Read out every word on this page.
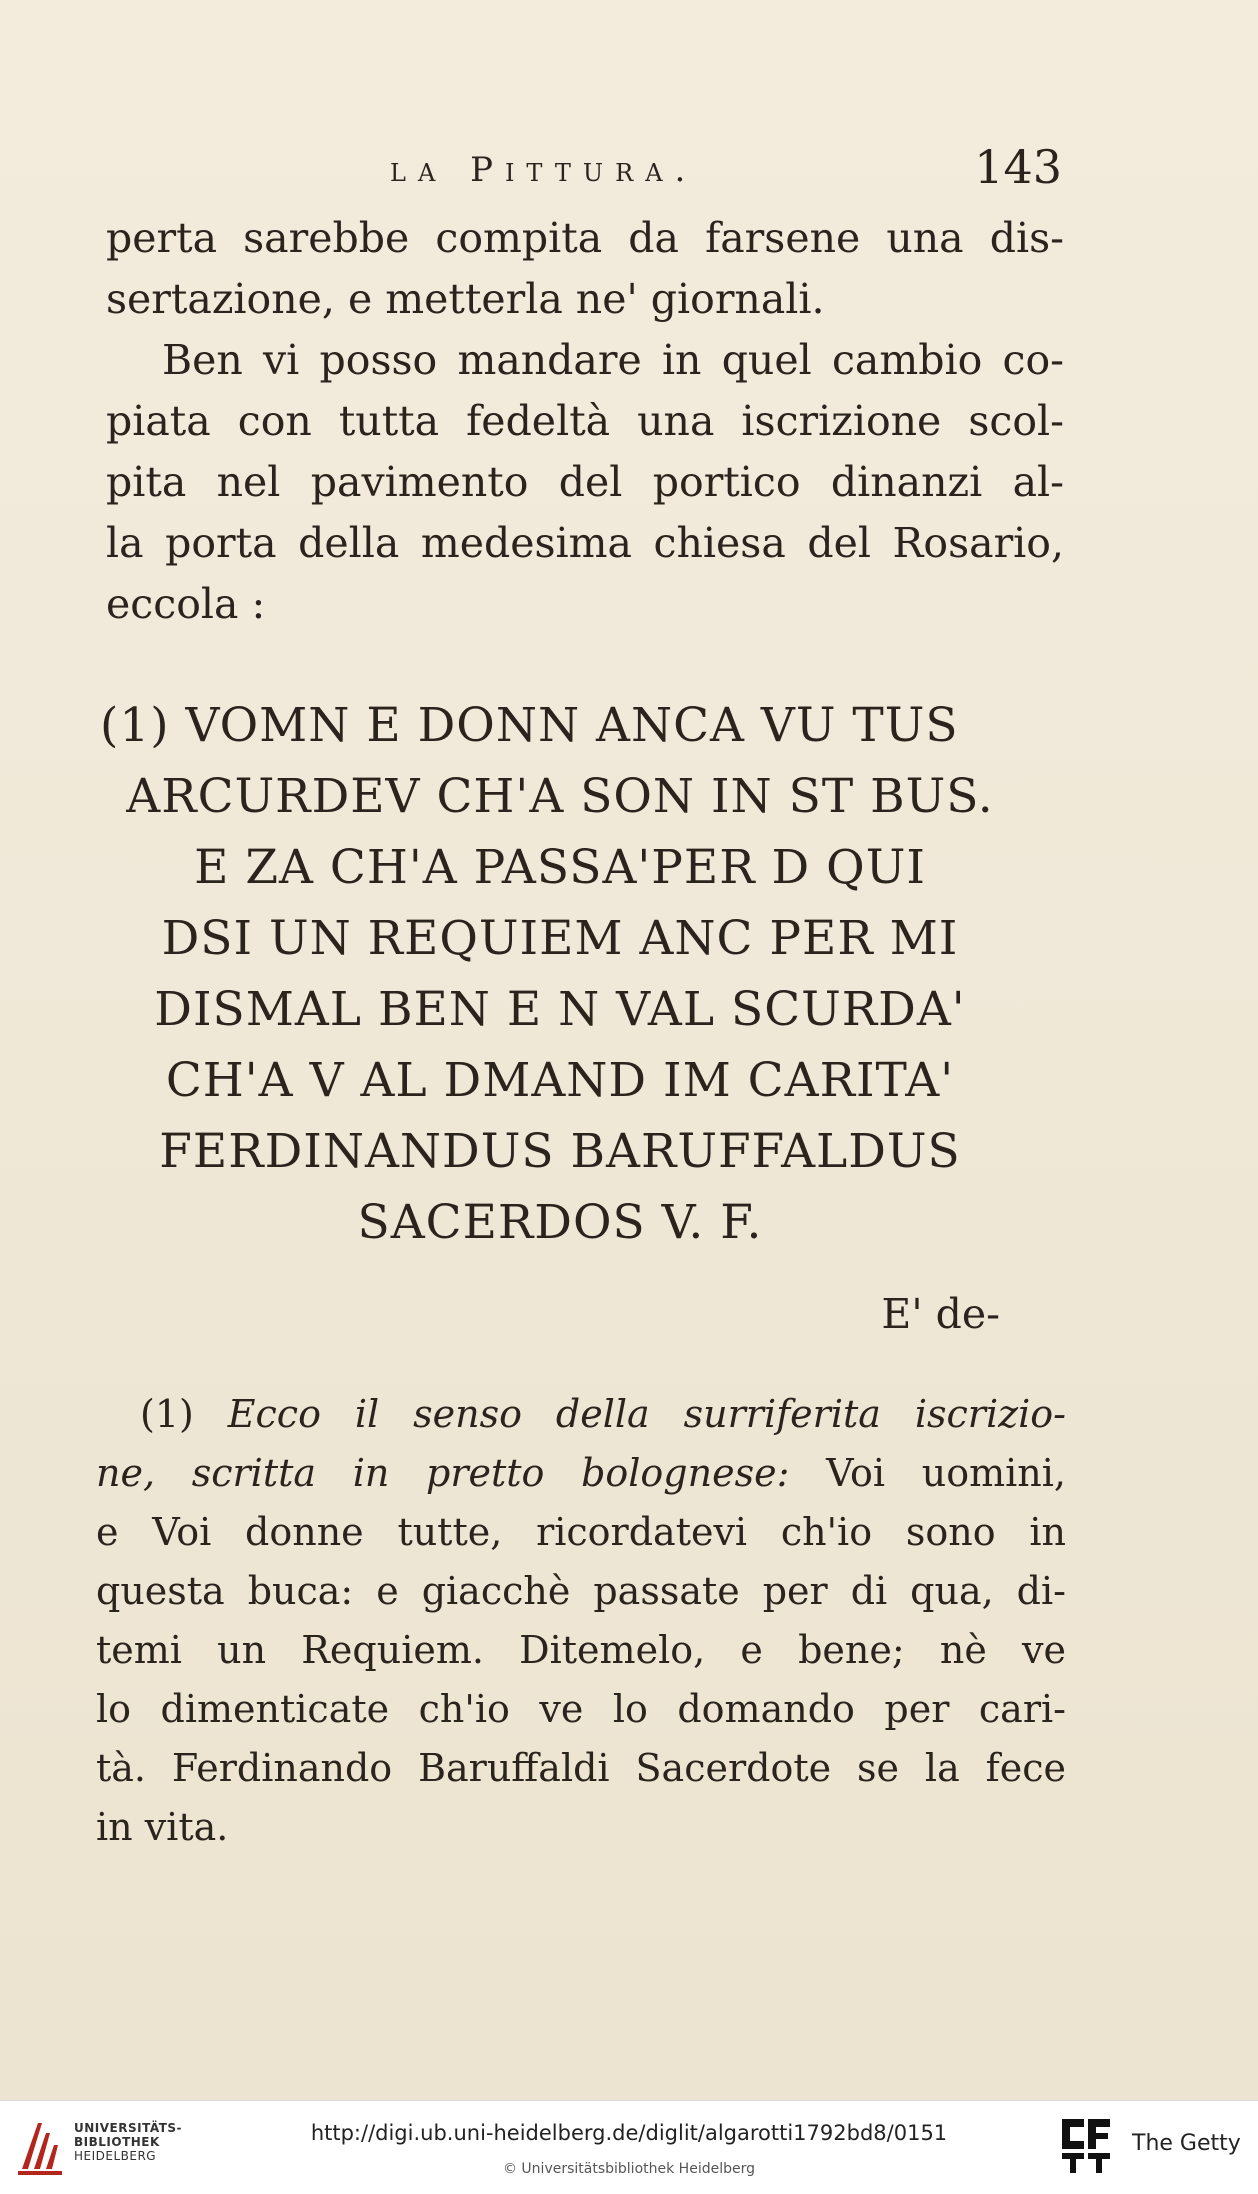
la Pittura.	143
perta sarebbe compita da farsene una dis-
sertazione, e metterla ne' giornali.
Ben vi posso mandare in quel cambio co-
piata con tutta fedeltà una iscrizione scol-
pita nel pavimento del portico dinanzi al-
la porta della medesima chiesa del Rosario,
eccola :
(1) VOMN E DONN ANCA VU TUS
ARCURDEV CH'A SON IN ST BUS.
E ZA CH'A PASSA'PER D QUI
DSI UN REQUIEM ANC PER MI
DISMAL BEN E N VAL SCURDA'
CH'A V AL DMAND IM CARITA'
FERDINANDUS BARUFFALDUS
SACERDOS V. F.
E' de-
(1) Ecco il senso della surriferita iscrizio-
ne, scritta in pretto bolognese: Voi uomini,
e Voi donne tutte, ricordatevi ch'io sono in
questa buca: e giacchè passate per di qua, di-
temi un Requiem. Ditemelo, e bene; nè ve
lo dimenticate ch'io ve lo domando per cari-
tà. Ferdinando Baruffaldi Sacerdote se la fece
in vita.
UNIVERSITÄTS-
BIBLIOTHEK
HEIDELBERG
http://digi.ub.uni-heidelberg.de/diglit/algarotti1792bd8/0151
© Universitätsbibliothek Heidelberg
The Getty
